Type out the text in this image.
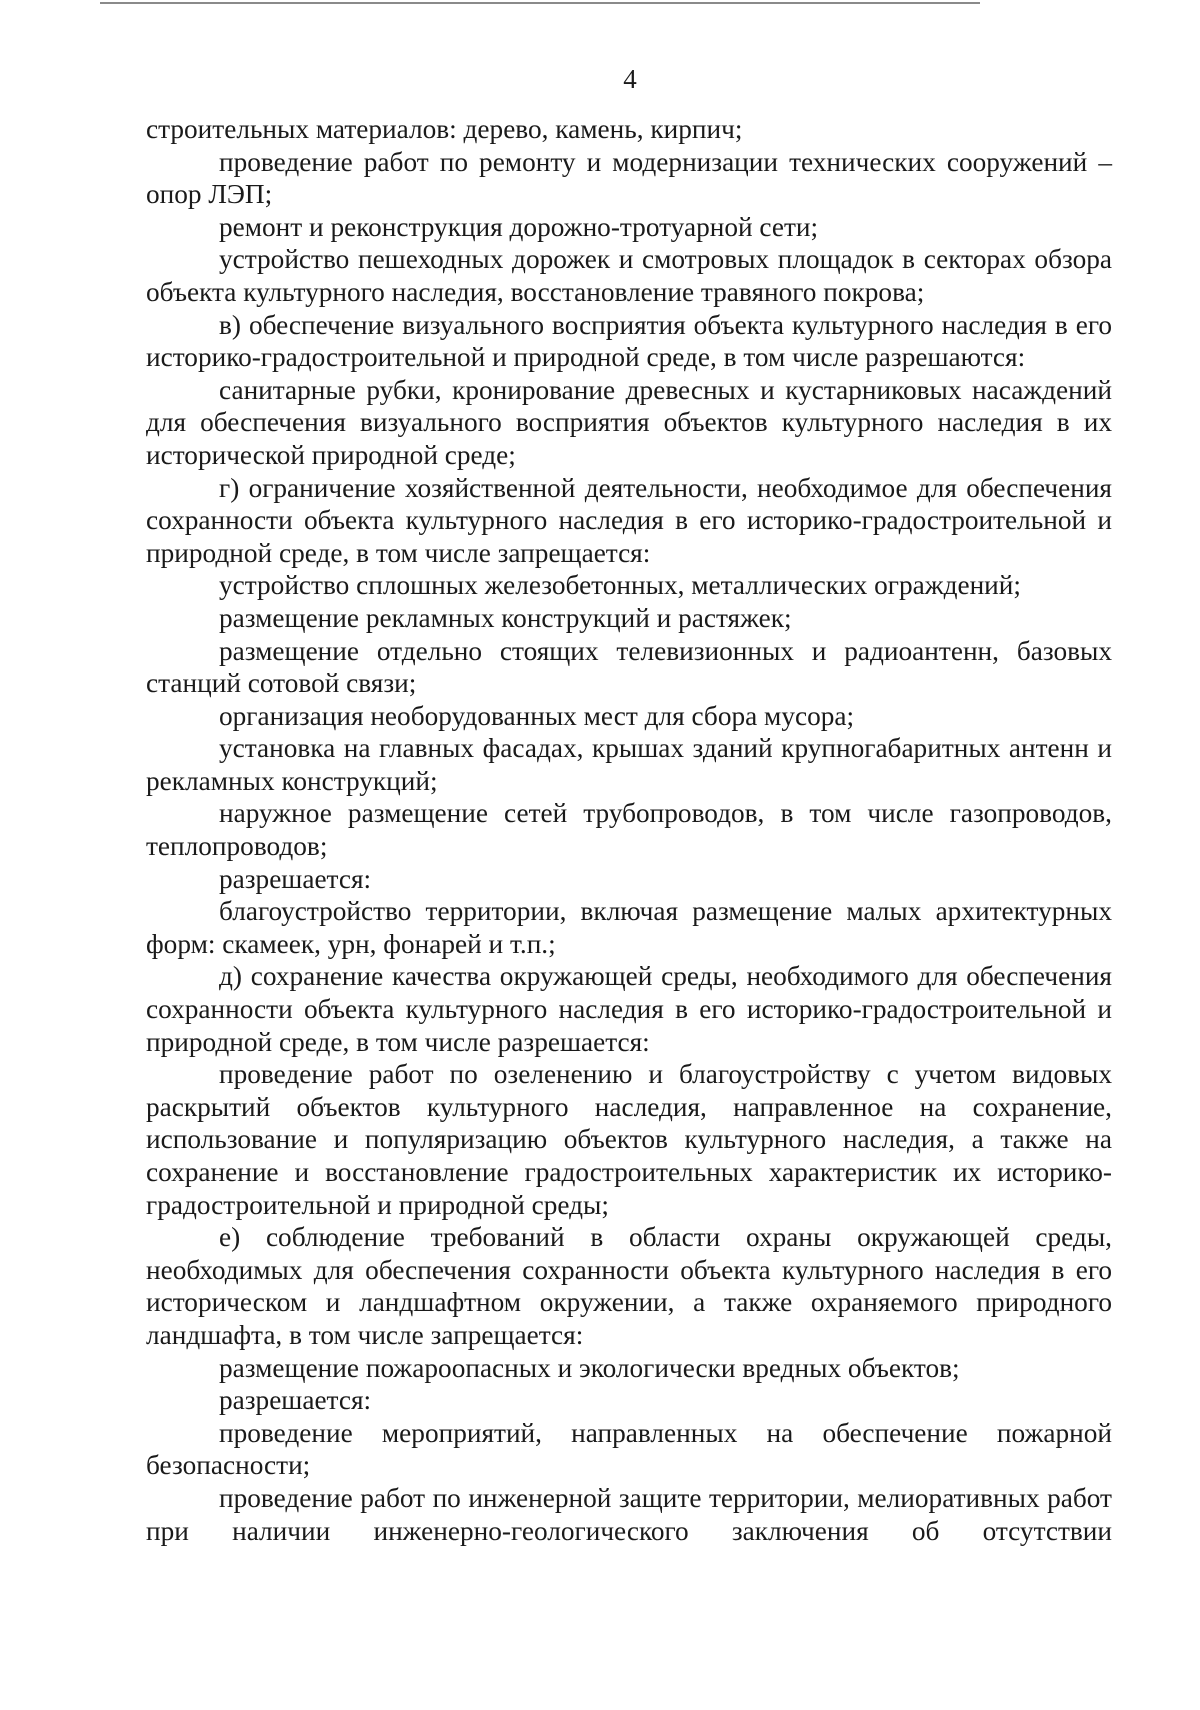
4

строительных материалов: дерево, камень, кирпич;

проведение работ по ремонту и модернизации технических сооружений – опор ЛЭП;

ремонт и реконструкция дорожно-тротуарной сети;

устройство пешеходных дорожек и смотровых площадок в секторах обзора объекта культурного наследия, восстановление травяного покрова;

в) обеспечение визуального восприятия объекта культурного наследия в его историко-градостроительной и природной среде, в том числе разрешаются:

санитарные рубки, кронирование древесных и кустарниковых насаждений для обеспечения визуального восприятия объектов культурного наследия в их исторической природной среде;

г) ограничение хозяйственной деятельности, необходимое для обеспечения сохранности объекта культурного наследия в его историко-градостроительной и природной среде, в том числе запрещается:

устройство сплошных железобетонных, металлических ограждений;

размещение рекламных конструкций и растяжек;

размещение отдельно стоящих телевизионных и радиоантенн, базовых станций сотовой связи;

организация необорудованных мест для сбора мусора;

установка на главных фасадах, крышах зданий крупногабаритных антенн и рекламных конструкций;

наружное размещение сетей трубопроводов, в том числе газопроводов, теплопроводов;

разрешается:

благоустройство территории, включая размещение малых архитектурных форм: скамеек, урн, фонарей и т.п.;

д) сохранение качества окружающей среды, необходимого для обеспечения сохранности объекта культурного наследия в его историко-градостроительной и природной среде, в том числе разрешается:

проведение работ по озеленению и благоустройству с учетом видовых раскрытий объектов культурного наследия, направленное на сохранение, использование и популяризацию объектов культурного наследия, а также на сохранение и восстановление градостроительных характеристик их историко-градостроительной и природной среды;

е) соблюдение требований в области охраны окружающей среды, необходимых для обеспечения сохранности объекта культурного наследия в его историческом и ландшафтном окружении, а также охраняемого природного ландшафта, в том числе запрещается:

размещение пожароопасных и экологически вредных объектов;

разрешается:

проведение мероприятий, направленных на обеспечение пожарной безопасности;

проведение работ по инженерной защите территории, мелиоративных работ при наличии инженерно-геологического заключения об отсутствии
